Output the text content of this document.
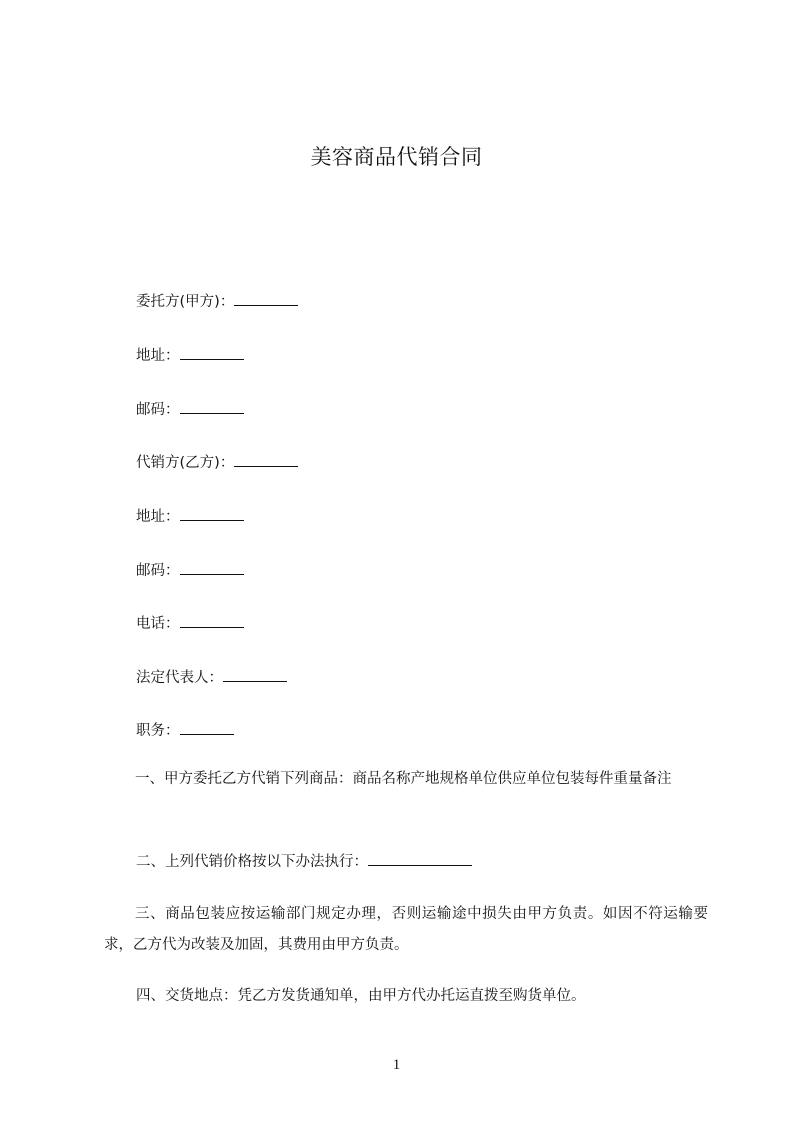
美容商品代销合同
委托方(甲方)：
地址：
邮码：
代销方(乙方)：
地址：
邮码：
电话：
法定代表人：
职务：
一、甲方委托乙方代销下列商品：商品名称产地规格单位供应单位包装每件重量备注
二、上列代销价格按以下办法执行：
三、商品包装应按运输部门规定办理，否则运输途中损失由甲方负责。如因不符运输要求，乙方代为改装及加固，其费用由甲方负责。
四、交货地点：凭乙方发货通知单，由甲方代办托运直拨至购货单位。
1
